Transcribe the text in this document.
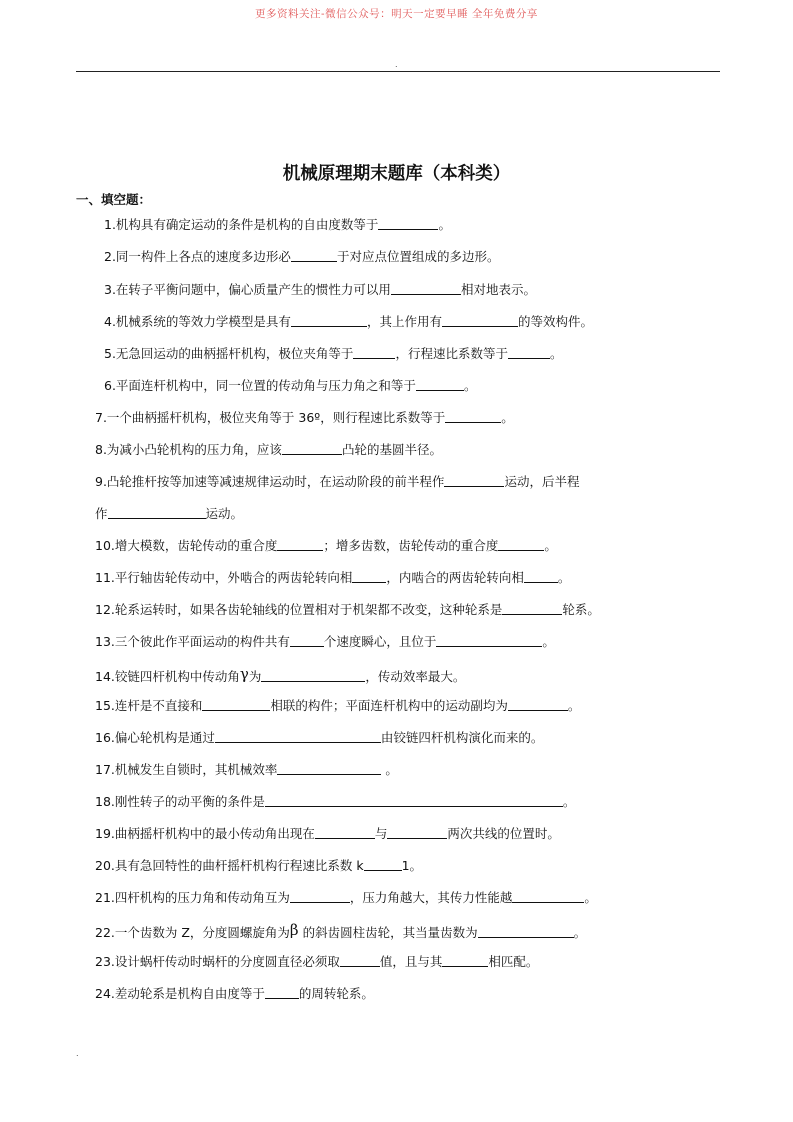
更多资料关注-微信公众号：明天一定要早睡 全年免费分享
.
机械原理期末题库（本科类）
一、填空题：
1.机构具有确定运动的条件是机构的自由度数等于	。
2.同一构件上各点的速度多边形必	于对应点位置组成的多边形。
3.在转子平衡问题中，偏心质量产生的惯性力可以用	相对地表示。
4.机械系统的等效力学模型是具有	，其上作用有	的等效构件。
5.无急回运动的曲柄摇杆机构，极位夹角等于	，行程速比系数等于	。
6.平面连杆机构中，同一位置的传动角与压力角之和等于	。
7.一个曲柄摇杆机构，极位夹角等于 36º，则行程速比系数等于	。
8.为减小凸轮机构的压力角，应该	凸轮的基圆半径。
9.凸轮推杆按等加速等减速规律运动时，在运动阶段的前半程作	运动，后半程
作	运动。
10.增大模数，齿轮传动的重合度	；增多齿数，齿轮传动的重合度	。
11.平行轴齿轮传动中，外啮合的两齿轮转向相	，内啮合的两齿轮转向相	。
12.轮系运转时，如果各齿轮轴线的位置相对于机架都不改变，这种轮系是	轮系。
13.三个彼此作平面运动的构件共有	个速度瞬心，且位于	。
14.铰链四杆机构中传动角γ为	，传动效率最大。
15.连杆是不直接和	相联的构件；平面连杆机构中的运动副均为	。
16.偏心轮机构是通过	由铰链四杆机构演化而来的。
17.机械发生自锁时，其机械效率	。
18.刚性转子的动平衡的条件是	。
19.曲柄摇杆机构中的最小传动角出现在	与	两次共线的位置时。
20.具有急回特性的曲杆摇杆机构行程速比系数 k	1。
21.四杆机构的压力角和传动角互为	，压力角越大，其传力性能越	。
22.一个齿数为 Z，分度圆螺旋角为β 的斜齿圆柱齿轮，其当量齿数为	。
23.设计蜗杆传动时蜗杆的分度圆直径必须取	值，且与其	相匹配。
24.差动轮系是机构自由度等于	的周转轮系。
.
